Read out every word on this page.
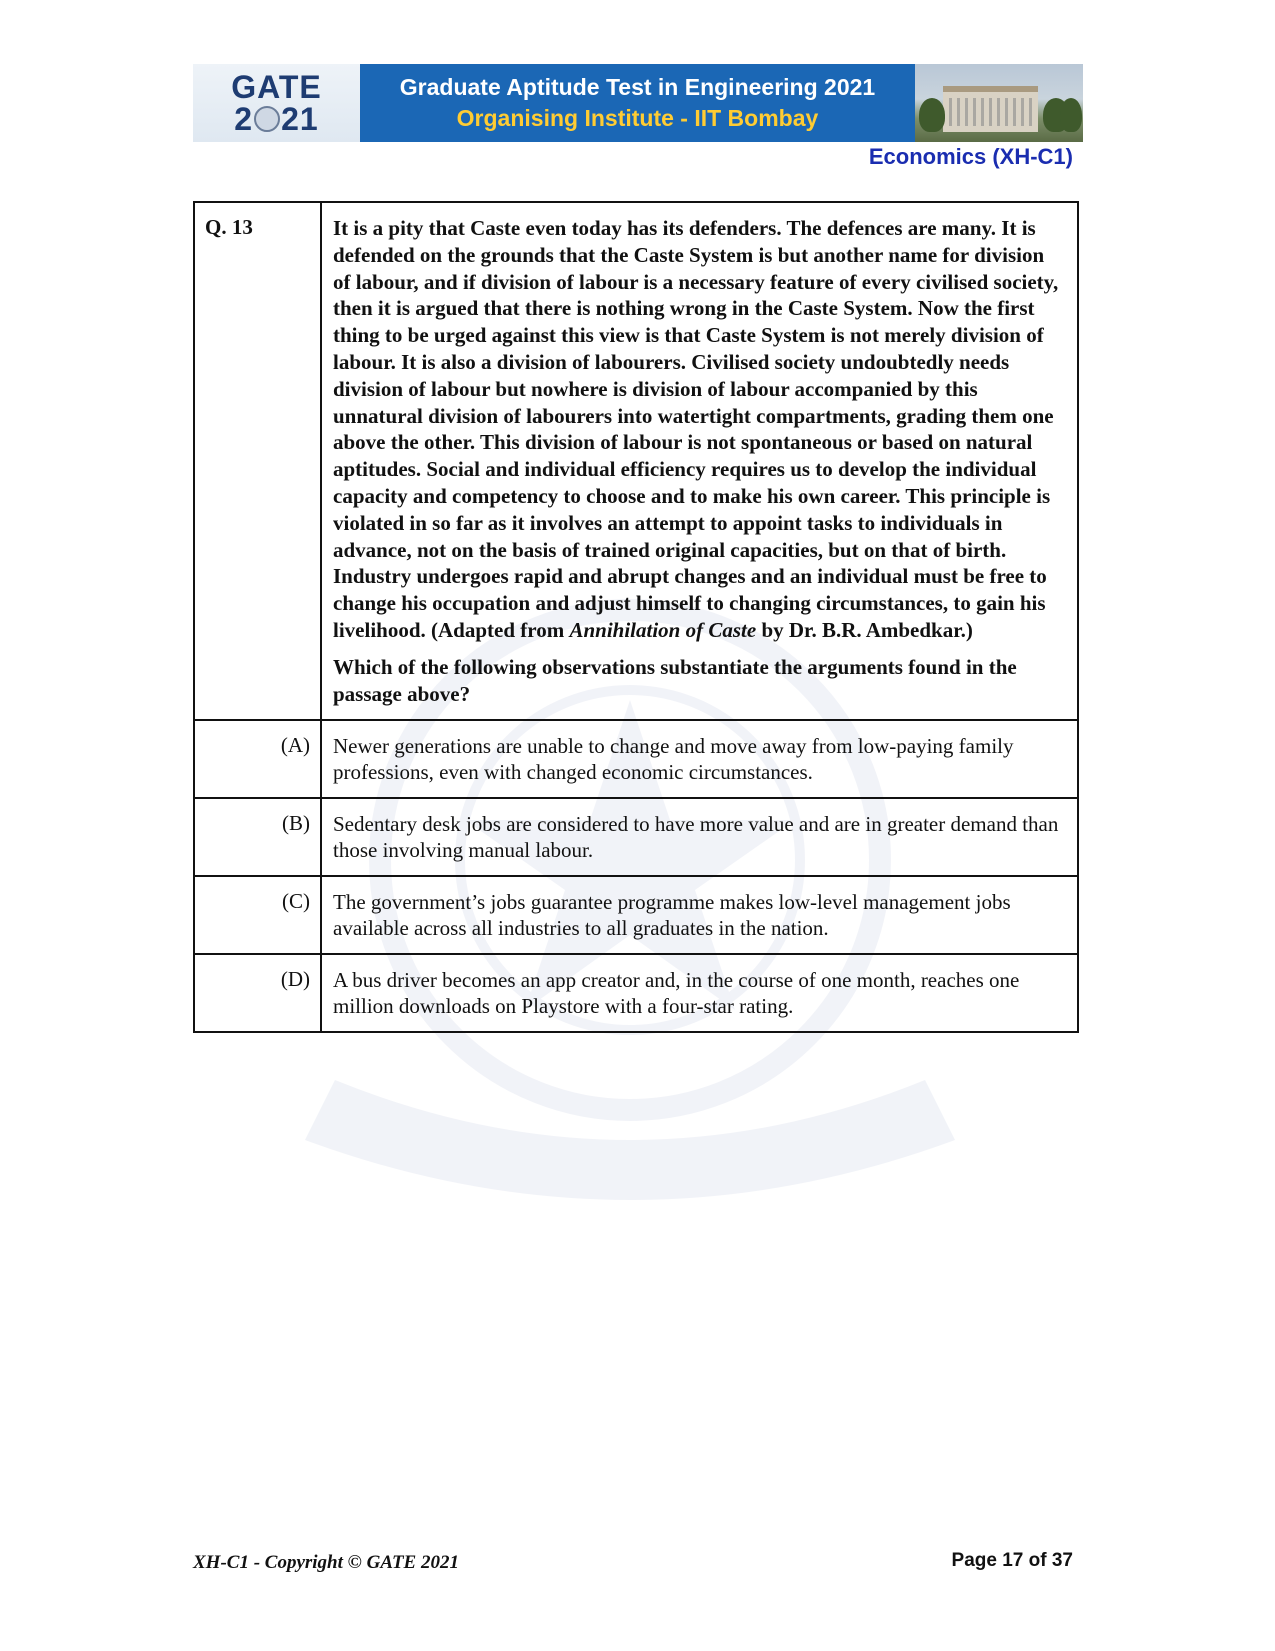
GATE
2 21
Graduate Aptitude Test in Engineering 2021
Organising Institute - IIT Bombay
Economics (XH-C1)
Q. 13	It is a pity that Caste even today has its defenders. The defences are many. It is defended on the grounds that the Caste System is but another name for division of labour, and if division of labour is a necessary feature of every civilised society, then it is argued that there is nothing wrong in the Caste System. Now the first thing to be urged against this view is that Caste System is not merely division of labour. It is also a division of labourers. Civilised society undoubtedly needs division of labour but nowhere is division of labour accompanied by this unnatural division of labourers into watertight compartments, grading them one above the other. This division of labour is not spontaneous or based on natural aptitudes. Social and individual efficiency requires us to develop the individual capacity and competency to choose and to make his own career. This principle is violated in so far as it involves an attempt to appoint tasks to individuals in advance, not on the basis of trained original capacities, but on that of birth. Industry undergoes rapid and abrupt changes and an individual must be free to change his occupation and adjust himself to changing circumstances, to gain his livelihood. (Adapted from Annihilation of Caste by Dr. B.R. Ambedkar.)

Which of the following observations substantiate the arguments found in the passage above?

(A)	Newer generations are unable to change and move away from low-paying family professions, even with changed economic circumstances.
(B)	Sedentary desk jobs are considered to have more value and are in greater demand than those involving manual labour.
(C)	The government’s jobs guarantee programme makes low-level management jobs available across all industries to all graduates in the nation.
(D)	A bus driver becomes an app creator and, in the course of one month, reaches one million downloads on Playstore with a four-star rating.
XH-C1 - Copyright © GATE 2021	Page 17 of 37
